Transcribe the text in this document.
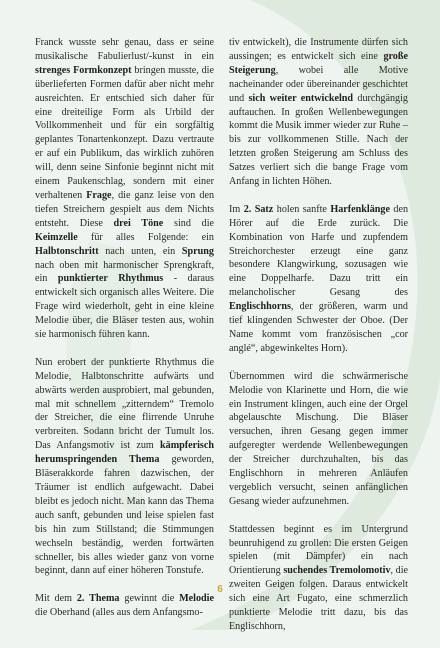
Franck wusste sehr genau, dass er seine musikalische Fabulierlust/-kunst in ein strenges Formkonzept bringen musste, die überlieferten Formen dafür aber nicht mehr ausreichten. Er entschied sich daher für eine dreiteilige Form als Urbild der Vollkommenheit und für ein sorgfältig geplantes Tonartenkonzept. Dazu vertraute er auf ein Publikum, das wirklich zuhören will, denn seine Sinfonie beginnt nicht mit einem Paukenschlag, sondern mit einer verhaltenen Frage, die ganz leise von den tiefen Streichern gespielt aus dem Nichts entsteht. Diese drei Töne sind die Keimzelle für alles Folgende: ein Halbtonschritt nach unten, ein Sprung nach oben mit harmonischer Sprengkraft, ein punktierter Rhythmus - daraus entwickelt sich organisch alles Weitere. Die Frage wird wiederholt, geht in eine kleine Melodie über, die Bläser testen aus, wohin sie harmonisch führen kann.

Nun erobert der punktierte Rhythmus die Melodie, Halbtonschritte aufwärts und abwärts werden ausprobiert, mal gebunden, mal mit schnellem „zitterndem“ Tremolo der Streicher, die eine flirrende Unruhe verbreiten. Sodann bricht der Tumult los. Das Anfangsmotiv ist zum kämpferisch herumspringenden Thema geworden, Bläserakkorde fahren dazwischen, der Träumer ist endlich aufgewacht. Dabei bleibt es jedoch nicht. Man kann das Thema auch sanft, gebunden und leise spielen fast bis hin zum Stillstand; die Stimmungen wechseln beständig, werden fortwärten schneller, bis alles wieder ganz von vorne beginnt, dann auf einer höheren Tonstufe.

Mit dem 2. Thema gewinnt die Melodie die Oberhand (alles aus dem Anfangsmo-

tiv entwickelt), die Instrumente dürfen sich aussingen; es entwickelt sich eine große Steigerung, wobei alle Motive nacheinander oder übereinander geschichtet und sich weiter entwickelnd durchgängig auftauchen. In großen Wellenbewegungen kommt die Musik immer wieder zur Ruhe – bis zur vollkommenen Stille. Nach der letzten großen Steigerung am Schluss des Satzes verliert sich die bange Frage vom Anfang in lichten Höhen.

Im 2. Satz holen sanfte Harfenklänge den Hörer auf die Erde zurück. Die Kombination von Harfe und zupfendem Streichorchester erzeugt eine ganz besondere Klangwirkung, sozusagen wie eine Doppelharfe. Dazu tritt ein melancholischer Gesang des Englischhorns, der größeren, warm und tief klingenden Schwester der Oboe. (Der Name kommt vom französischen „cor anglé“, abgewinkeltes Horn).

Übernommen wird die schwärmerische Melodie von Klarinette und Horn, die wie ein Instrument klingen, auch eine der Orgel abgelauschte Mischung. Die Bläser versuchen, ihren Gesang gegen immer aufgeregter werdende Wellenbewegungen der Streicher durchzuhalten, bis das Englischhorn in mehreren Anläufen vergeblich versucht, seinen anfänglichen Gesang wieder aufzunehmen.

Stattdessen beginnt es im Untergrund beunruhigend zu grollen: Die ersten Geigen spielen (mit Dämpfer) ein nach Orientierung suchendes Tremolomotiv, die zweiten Geigen folgen. Daraus entwickelt sich eine Art Fugato, eine schmerzlich punktierte Melodie tritt dazu, bis das Englischhorn,

6
